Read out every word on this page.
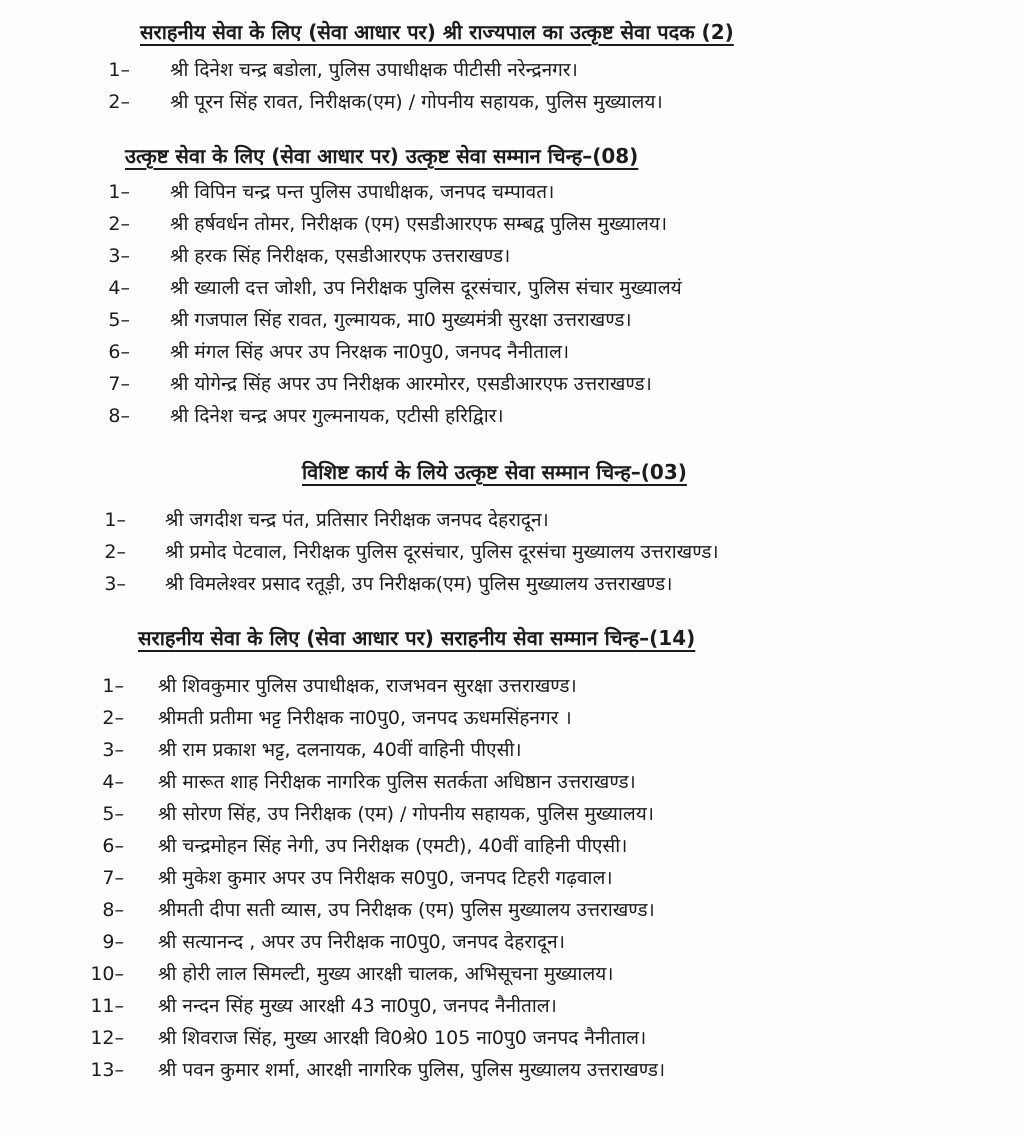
सराहनीय सेवा के लिए (सेवा आधार पर) श्री राज्यपाल का उत्कृष्ट सेवा पदक (2)
1– श्री दिनेश चन्द्र बडोला, पुलिस उपाधीक्षक पीटीसी नरेन्द्रनगर।
2– श्री पूरन सिंह रावत, निरीक्षक(एम) / गोपनीय सहायक, पुलिस मुख्यालय।
उत्कृष्ट सेवा के लिए (सेवा आधार पर) उत्कृष्ट सेवा सम्मान चिन्ह–(08)
1– श्री विपिन चन्द्र पन्त पुलिस उपाधीक्षक, जनपद चम्पावत।
2– श्री हर्षवर्धन तोमर, निरीक्षक (एम) एसडीआरएफ सम्बद्व पुलिस मुख्यालय।
3– श्री हरक सिंह निरीक्षक, एसडीआरएफ उत्तराखण्ड।
4– श्री ख्याली दत्त जोशी, उप निरीक्षक पुलिस दूरसंचार, पुलिस संचार मुख्यालयं
5– श्री गजपाल सिंह रावत, गुल्मायक, मा0 मुख्यमंत्री सुरक्षा उत्तराखण्ड।
6– श्री मंगल सिंह अपर उप निरक्षक ना0पु0, जनपद नैनीताल।
7– श्री योगेन्द्र सिंह अपर उप निरीक्षक आरमोरर, एसडीआरएफ उत्तराखण्ड।
8– श्री दिनेश चन्द्र अपर गुल्मनायक, एटीसी हरिद्विार।
विशिष्ट कार्य के लिये उत्कृष्ट सेवा सम्मान चिन्ह–(03)
1– श्री जगदीश चन्द्र पंत, प्रतिसार निरीक्षक जनपद देहरादून।
2– श्री प्रमोद पेटवाल, निरीक्षक पुलिस दूरसंचार, पुलिस दूरसंचा मुख्यालय उत्तराखण्ड।
3– श्री विमलेश्वर प्रसाद रतूड़ी, उप निरीक्षक(एम) पुलिस मुख्यालय उत्तराखण्ड।
सराहनीय सेवा के लिए (सेवा आधार पर) सराहनीय सेवा सम्मान चिन्ह–(14)
1– श्री शिवकुमार पुलिस उपाधीक्षक, राजभवन सुरक्षा उत्तराखण्ड।
2– श्रीमती प्रतीमा भट्ट निरीक्षक ना0पु0, जनपद ऊधमसिंहनगर ।
3– श्री राम प्रकाश भट्ट, दलनायक, 40वीं वाहिनी पीएसी।
4– श्री मारूत शाह निरीक्षक नागरिक पुलिस सतर्कता अधिष्ठान उत्तराखण्ड।
5– श्री सोरण सिंह, उप निरीक्षक (एम) / गोपनीय सहायक, पुलिस मुख्यालय।
6– श्री चन्द्रमोहन सिंह नेगी, उप निरीक्षक (एमटी), 40वीं वाहिनी पीएसी।
7– श्री मुकेश कुमार अपर उप निरीक्षक स0पु0, जनपद टिहरी गढ़वाल।
8– श्रीमती दीपा सती व्यास, उप निरीक्षक (एम) पुलिस मुख्यालय उत्तराखण्ड।
9– श्री सत्यानन्द , अपर उप निरीक्षक ना0पु0, जनपद देहरादून।
10– श्री होरी लाल सिमल्टी, मुख्य आरक्षी चालक, अभिसूचना मुख्यालय।
11– श्री नन्दन सिंह मुख्य आरक्षी 43 ना0पु0, जनपद नैनीताल।
12– श्री शिवराज सिंह, मुख्य आरक्षी वि0श्रे0 105 ना0पु0 जनपद नैनीताल।
13– श्री पवन कुमार शर्मा, आरक्षी नागरिक पुलिस, पुलिस मुख्यालय उत्तराखण्ड।
